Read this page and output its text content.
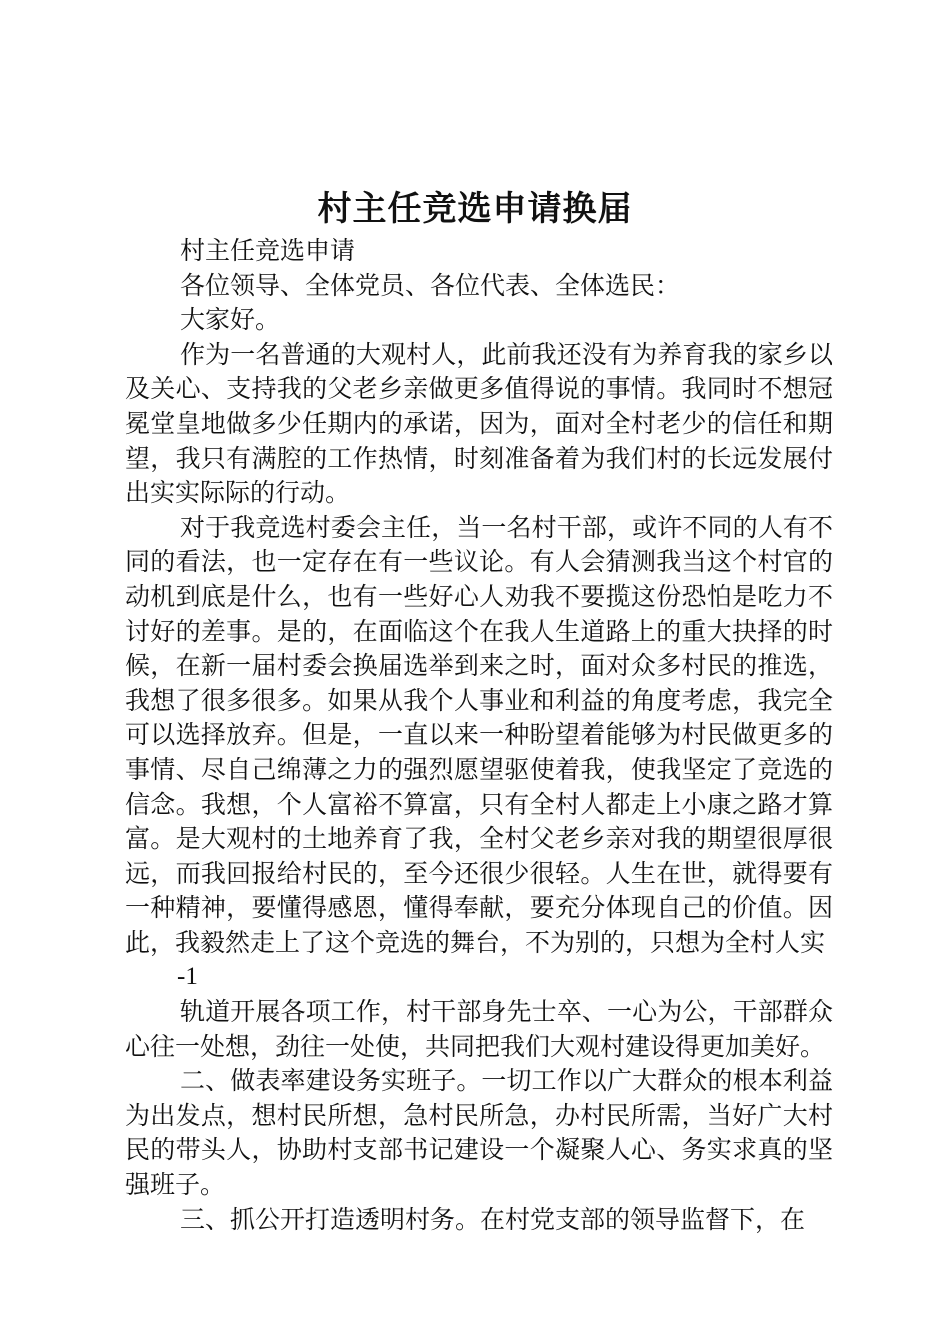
村主任竞选申请换届

村主任竞选申请

各位领导、全体党员、各位代表、全体选民：

大家好。

作为一名普通的大观村人，此前我还没有为养育我的家乡以及关心、支持我的父老乡亲做更多值得说的事情。我同时不想冠冕堂皇地做多少任期内的承诺，因为，面对全村老少的信任和期望，我只有满腔的工作热情，时刻准备着为我们村的长远发展付出实实际际的行动。

对于我竞选村委会主任，当一名村干部，或许不同的人有不同的看法，也一定存在有一些议论。有人会猜测我当这个村官的动机到底是什么，也有一些好心人劝我不要揽这份恐怕是吃力不讨好的差事。是的，在面临这个在我人生道路上的重大抉择的时候，在新一届村委会换届选举到来之时，面对众多村民的推选，我想了很多很多。如果从我个人事业和利益的角度考虑，我完全可以选择放弃。但是，一直以来一种盼望着能够为村民做更多的事情、尽自己绵薄之力的强烈愿望驱使着我，使我坚定了竞选的信念。我想，个人富裕不算富，只有全村人都走上小康之路才算富。是大观村的土地养育了我，全村父老乡亲对我的期望很厚很远，而我回报给村民的，至今还很少很轻。人生在世，就得要有一种精神，要懂得感恩，懂得奉献，要充分体现自己的价值。因此，我毅然走上了这个竞选的舞台，不为别的，只想为全村人实

-1

轨道开展各项工作，村干部身先士卒、一心为公，干部群众心往一处想，劲往一处使，共同把我们大观村建设得更加美好。

二、做表率建设务实班子。一切工作以广大群众的根本利益为出发点，想村民所想，急村民所急，办村民所需，当好广大村民的带头人，协助村支部书记建设一个凝聚人心、务实求真的坚强班子。

三、抓公开打造透明村务。在村党支部的领导监督下，在
